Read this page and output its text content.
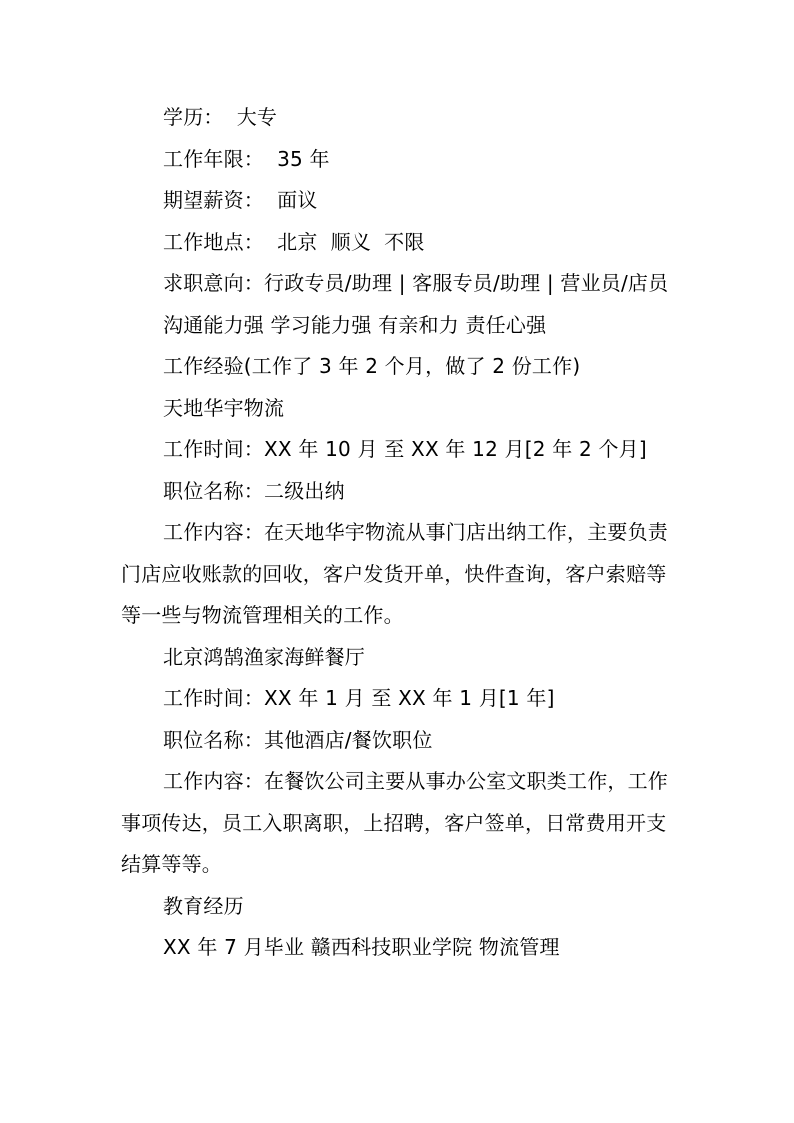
学历：  大专

工作年限：  35 年

期望薪资：  面议

工作地点：  北京  顺义  不限

求职意向：行政专员/助理 | 客服专员/助理 | 营业员/店员

沟通能力强 学习能力强 有亲和力 责任心强

工作经验(工作了 3 年 2 个月，做了 2 份工作)

天地华宇物流

工作时间：XX 年 10 月 至 XX 年 12 月[2 年 2 个月]

职位名称：二级出纳

工作内容：在天地华宇物流从事门店出纳工作，主要负责门店应收账款的回收，客户发货开单，快件查询，客户索赔等等一些与物流管理相关的工作。

北京鸿鹄渔家海鲜餐厅

工作时间：XX 年 1 月 至 XX 年 1 月[1 年]

职位名称：其他酒店/餐饮职位

工作内容：在餐饮公司主要从事办公室文职类工作，工作事项传达，员工入职离职，上招聘，客户签单，日常费用开支结算等等。

教育经历

XX 年 7 月毕业 赣西科技职业学院 物流管理
